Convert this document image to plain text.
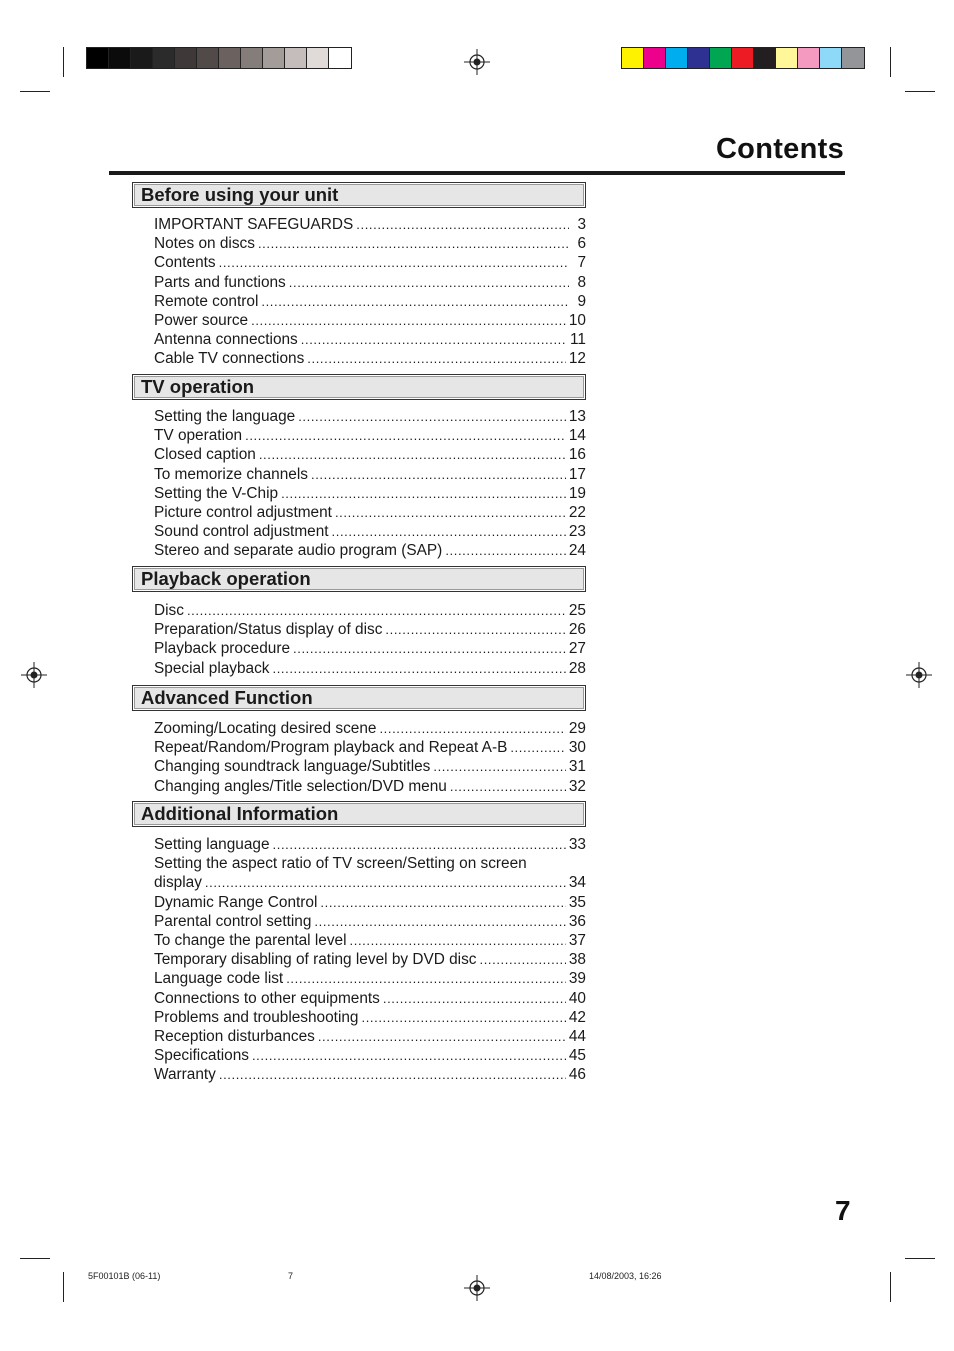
Contents
Before using your unit
IMPORTANT SAFEGUARDS .....	3
Notes on discs .....	6
Contents .....	7
Parts and functions .....	8
Remote control .....	9
Power source .....	10
Antenna connections .....	11
Cable TV connections .....	12
TV operation
Setting the language .....	13
TV operation .....	14
Closed caption .....	16
To memorize channels .....	17
Setting the V-Chip .....	19
Picture control adjustment .....	22
Sound control adjustment .....	23
Stereo and separate audio program (SAP) .....	24
Playback operation
Disc .....	25
Preparation/Status display of disc .....	26
Playback procedure .....	27
Special playback .....	28
Advanced Function
Zooming/Locating desired scene .....	29
Repeat/Random/Program playback and Repeat A-B .....	30
Changing soundtrack language/Subtitles .....	31
Changing angles/Title selection/DVD menu .....	32
Additional Information
Setting language .....	33
Setting the aspect ratio of TV screen/Setting on screen
display .....	34
Dynamic Range Control .....	35
Parental control setting .....	36
To change the parental level .....	37
Temporary disabling of rating level by DVD disc .....	38
Language code list .....	39
Connections to other equipments .....	40
Problems and troubleshooting .....	42
Reception disturbances .....	44
Specifications .....	45
Warranty .....	46
7
5F00101B (06-11)	7	14/08/2003, 16:26
